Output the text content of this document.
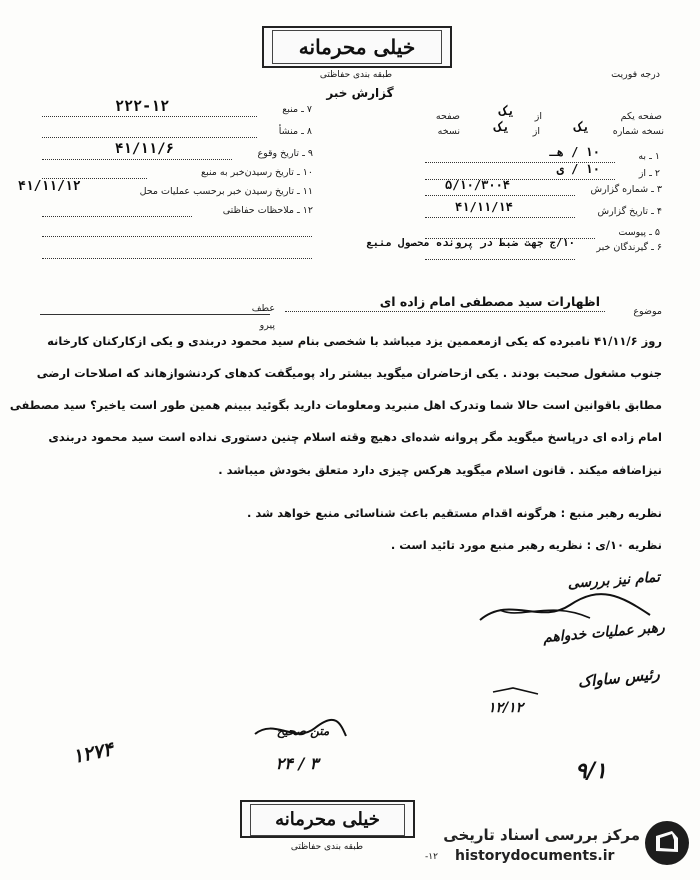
خیلی محرمانه
طبقه بندی حفاظتی	درجه فوریت
گزارش خبر
صفحه یکم
از
یک
صفحه
نسخه شماره
یک
از
یک
نسخه
۱ ـ به
۱۰ / هـ
۲ ـ از
۱۰ / ی
۳ ـ شماره گزارش
۵/۱۰/۳۰۰۴
۴ ـ تاریخ گزارش
۴۱/۱۱/۱۴
۵ ـ پیوست
۶ ـ گیرندگان خبر
۱۰/ج جهت ضبط در پرونده محصول منبع
۷ ـ منبع
۲۲۲-۱۲
۸ ـ منشأ
۹ ـ تاریخ وقوع
۴۱/۱۱/۶
۱۰ ـ تاریخ رسیدن‌خبر به منبع
۱۱ ـ تاریخ رسیدن خبر برحسب عملیات محل
۴۱/۱۱/۱۲
۱۲ ـ ملاحظات حفاظتی
موضوع
اظهارات سید مصطفی امام زاده ای
عطف
پیرو
روز ۴۱/۱۱/۶ نامبرده که یکی ازمعممین یزد میباشد با شخصی بنام سید محمود دربندی و یکی ازکارکنان کارخانه
جنوب مشغول صحبت بودند . یکی ازحاضران میگوید بیشتر راد پومیگفت کدهای کردنشوازهاند که اصلاحات ارضی
مطابق باقوانین است حالا شما وتدرک اهل منبرید ومعلومات دارید بگوئید ببینم همین طور است یاخیر؟ سید مصطفی
امام زاده ای درپاسخ میگوید مگر پروانه شده‌ای دهیچ وقته اسلام چنین دستوری نداده است سید محمود دربندی
نیزاضافه میکند . قانون اسلام میگوید هرکس چیزی دارد متعلق بخودش میباشد .
نظریه رهبر منبع : هرگونه اقدام مستقیم باعث شناسائی منبع خواهد شد .
نظریه ۱۰/ی : نظریه رهبر منبع مورد تائید است .
تمام نیز بررسی
رهبر عملیات خدواهم
رئیس ساواک
۱۲/۱۲
متن صحیح
۲۴ / ۳
۱۲۷۴
۹/۱
خیلی محرمانه
طبقه بندی حفاظتی
-۱۲
مرکز بررسی اسناد تاریخی
historydocuments.ir
